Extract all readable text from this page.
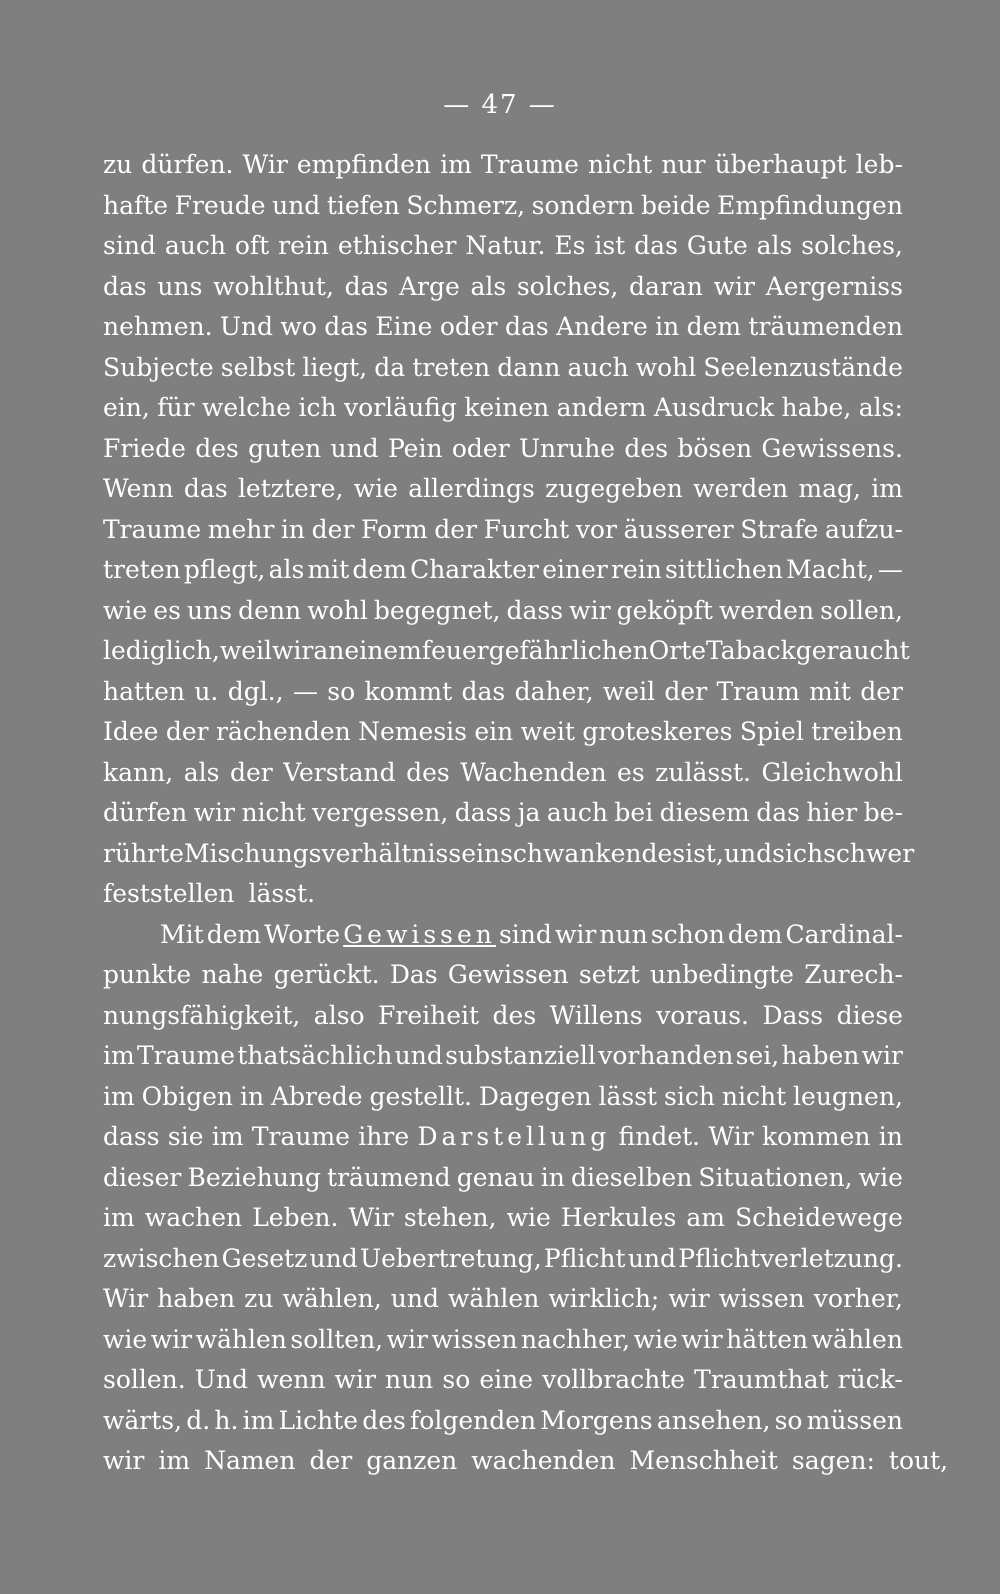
— 47 —
zu dürfen. Wir empfinden im Traume nicht nur überhaupt leb-
hafte Freude und tiefen Schmerz, sondern beide Empfindungen
sind auch oft rein ethischer Natur. Es ist das Gute als solches,
das uns wohlthut, das Arge als solches, daran wir Aergerniss
nehmen. Und wo das Eine oder das Andere in dem träumenden
Subjecte selbst liegt, da treten dann auch wohl Seelenzustände
ein, für welche ich vorläufig keinen andern Ausdruck habe, als:
Friede des guten und Pein oder Unruhe des bösen Gewissens.
Wenn das letztere, wie allerdings zugegeben werden mag, im
Traume mehr in der Form der Furcht vor äusserer Strafe aufzu-
treten pflegt, als mit dem Charakter einer rein sittlichen Macht, —
wie es uns denn wohl begegnet, dass wir geköpft werden sollen,
lediglich, weil wir an einem feuergefährlichen Orte Taback geraucht
hatten u. dgl., — so kommt das daher, weil der Traum mit der
Idee der rächenden Nemesis ein weit groteskeres Spiel treiben
kann, als der Verstand des Wachenden es zulässt. Gleichwohl
dürfen wir nicht vergessen, dass ja auch bei diesem das hier be-
rührte Mischungsverhältniss ein schwankendes ist, und sich schwer
feststellen lässt.
Mit dem Worte Gewissen sind wir nun schon dem Cardinal-
punkte nahe gerückt. Das Gewissen setzt unbedingte Zurech-
nungsfähigkeit, also Freiheit des Willens voraus. Dass diese
im Traume thatsächlich und substanziell vorhanden sei, haben wir
im Obigen in Abrede gestellt. Dagegen lässt sich nicht leugnen,
dass sie im Traume ihre Darstellung findet. Wir kommen in
dieser Beziehung träumend genau in dieselben Situationen, wie
im wachen Leben. Wir stehen, wie Herkules am Scheidewege
zwischen Gesetz und Uebertretung, Pflicht und Pflichtverletzung.
Wir haben zu wählen, und wählen wirklich; wir wissen vorher,
wie wir wählen sollten, wir wissen nachher, wie wir hätten wählen
sollen. Und wenn wir nun so eine vollbrachte Traumthat rück-
wärts, d. h. im Lichte des folgenden Morgens ansehen, so müssen
wir im Namen der ganzen wachenden Menschheit sagen: tout,
